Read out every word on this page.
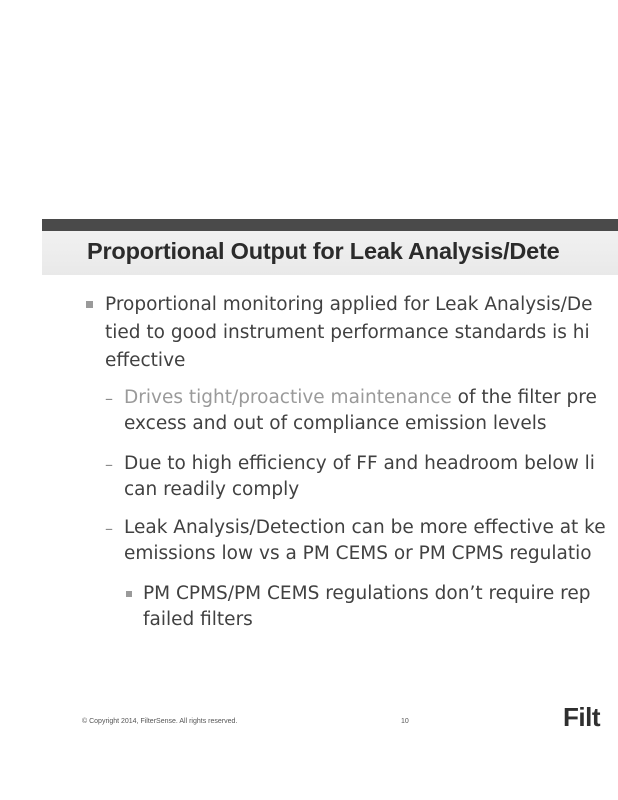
Proportional Output for Leak Analysis/Dete
Proportional monitoring applied for Leak Analysis/De
tied to good instrument performance standards is hi
effective
– Drives tight/proactive maintenance of the filter pre
excess and out of compliance emission levels
– Due to high efficiency of FF and headroom below li
can readily comply
– Leak Analysis/Detection can be more effective at ke
emissions low vs a PM CEMS or PM CPMS regulatio
PM CPMS/PM CEMS regulations don’t require rep
failed filters
© Copyright 2014, FilterSense. All rights reserved.	10	Filt
